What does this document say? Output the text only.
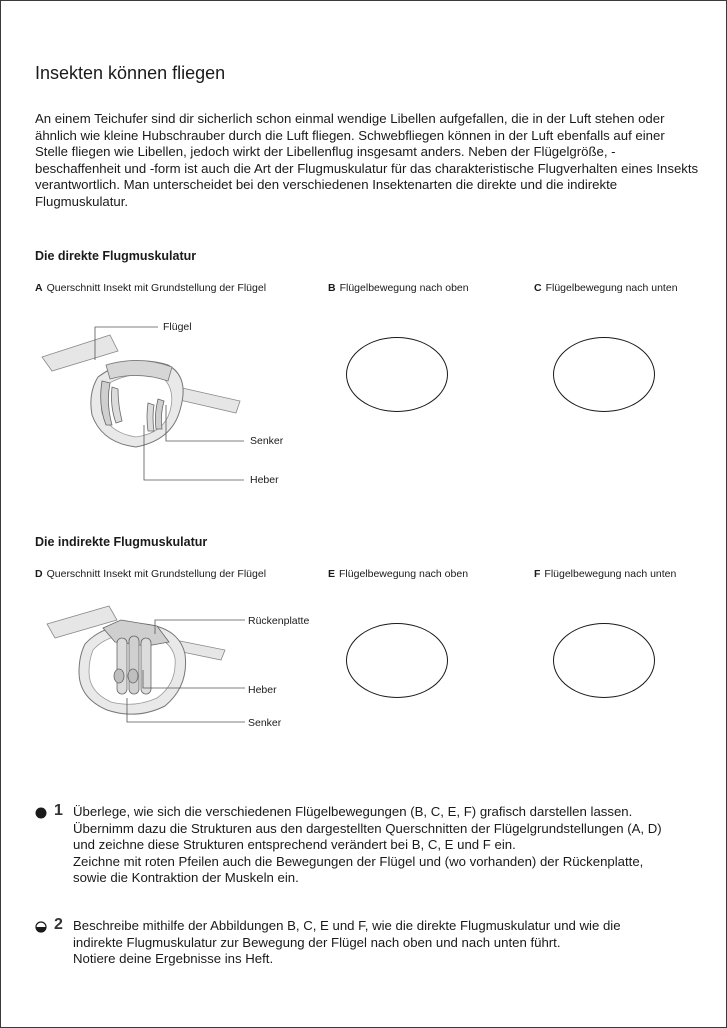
Insekten können fliegen
An einem Teichufer sind dir sicherlich schon einmal wendige Libellen aufgefallen, die in der Luft stehen oder ähnlich wie kleine Hubschrauber durch die Luft fliegen. Schwebfliegen können in der Luft ebenfalls auf einer Stelle fliegen wie Libellen, jedoch wirkt der Libellenflug insgesamt anders. Neben der Flügelgröße, -beschaffenheit und -form ist auch die Art der Flugmuskulatur für das charakteristische Flugverhalten eines Insekts verantwortlich. Man unterscheidet bei den verschiedenen Insektenarten die direkte und die indirekte Flugmuskulatur.
Die direkte Flugmuskulatur
A Querschnitt Insekt mit Grundstellung der Flügel	B Flügelbewegung nach oben	C Flügelbewegung nach unten
Flügel
Senker
Heber
Die indirekte Flugmuskulatur
D Querschnitt Insekt mit Grundstellung der Flügel	E Flügelbewegung nach oben	F Flügelbewegung nach unten
Rückenplatte
Heber
Senker
1 Überlege, wie sich die verschiedenen Flügelbewegungen (B, C, E, F) grafisch darstellen lassen.
Übernimm dazu die Strukturen aus den dargestellten Querschnitten der Flügelgrundstellungen (A, D)
und zeichne diese Strukturen entsprechend verändert bei B, C, E und F ein.
Zeichne mit roten Pfeilen auch die Bewegungen der Flügel und (wo vorhanden) der Rückenplatte,
sowie die Kontraktion der Muskeln ein.
2 Beschreibe mithilfe der Abbildungen B, C, E und F, wie die direkte Flugmuskulatur und wie die
indirekte Flugmuskulatur zur Bewegung der Flügel nach oben und nach unten führt.
Notiere deine Ergebnisse ins Heft.
